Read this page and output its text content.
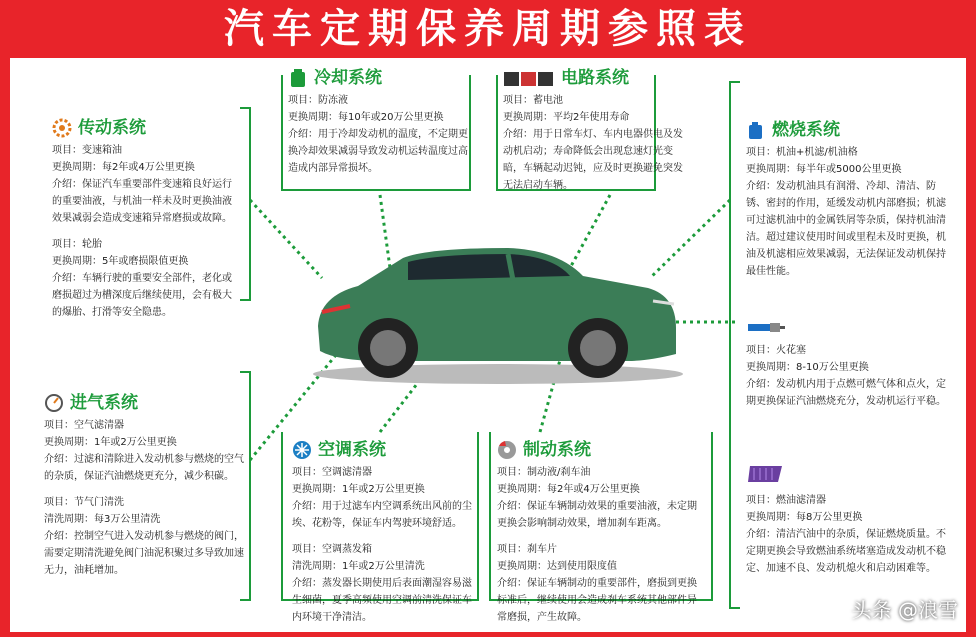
汽车定期保养周期参照表
冷却系统

项目：防冻液

更换周期：每10年或20万公里更换

介绍：用于冷却发动机的温度，不定期更

换冷却效果减弱导致发动机运转温度过高

造成内部异常损坏。

电路系统

项目：蓄电池

更换周期：平均2年使用寿命

介绍：用于日常车灯、车内电器供电及发

动机启动；寿命降低会出现怠速灯光变

暗，车辆起动迟钝，应及时更换避免突发

无法启动车辆。

传动系统

项目：变速箱油

更换周期：每2年或4万公里更换

介绍：保证汽车重要部件变速箱良好运行

的重要油液，与机油一样未及时更换油液

效果减弱会造成变速箱异常磨损或故障。

项目：轮胎

更换周期：5年或磨损限值更换

介绍：车辆行驶的重要安全部件，老化或

磨损超过为槽深度后继续使用，会有极大

的爆胎、打滑等安全隐患。

进气系统

项目：空气滤清器

更换周期：1年或2万公里更换

介绍：过滤和清除进入发动机参与燃烧的空气

的杂质，保证汽油燃烧更充分，减少积碳。

项目：节气门清洗

清洗周期：每3万公里清洗

介绍：控制空气进入发动机参与燃烧的阀门，

需要定期清洗避免阀门油泥积聚过多导致加速

无力，油耗增加。

空调系统

项目：空调滤清器

更换周期：1年或2万公里更换

介绍：用于过滤车内空调系统出风前的尘

埃、花粉等，保证车内驾驶环境舒适。

项目：空调蒸发箱

清洗周期：1年或2万公里清洗

介绍：蒸发器长期使用后表面潮湿容易滋

生细菌，夏季高频使用空调前清洗保证车

内环境干净清洁。

制动系统

项目：制动液/刹车油

更换周期：每2年或4万公里更换

介绍：保证车辆制动效果的重要油液，未定期

更换会影响制动效果，增加刹车距离。

项目：刹车片

更换周期：达到使用限度值

介绍：保证车辆制动的重要部件，磨损到更换

标准后，继续使用会造成刹车系统其他部件异

常磨损，产生故障。

燃烧系统

项目：机油+机滤/机油格

更换周期：每半年或5000公里更换

介绍：发动机油具有润滑、冷却、清洁、防

锈、密封的作用，延缓发动机内部磨损；机滤

可过滤机油中的金属铁屑等杂质，保持机油清

洁。超过建议使用时间或里程未及时更换，机

油及机滤相应效果减弱，无法保证发动机保持

最佳性能。

项目：火花塞

更换周期：8-10万公里更换

介绍：发动机内用于点燃可燃气体和点火，定

期更换保证汽油燃烧充分，发动机运行平稳。

项目：燃油滤清器

更换周期：每8万公里更换

介绍：清洁汽油中的杂质，保证燃烧质量。不

定期更换会导致燃油系统堵塞造成发动机不稳

定、加速不良、发动机熄火和启动困难等。

头条 @浪雪
